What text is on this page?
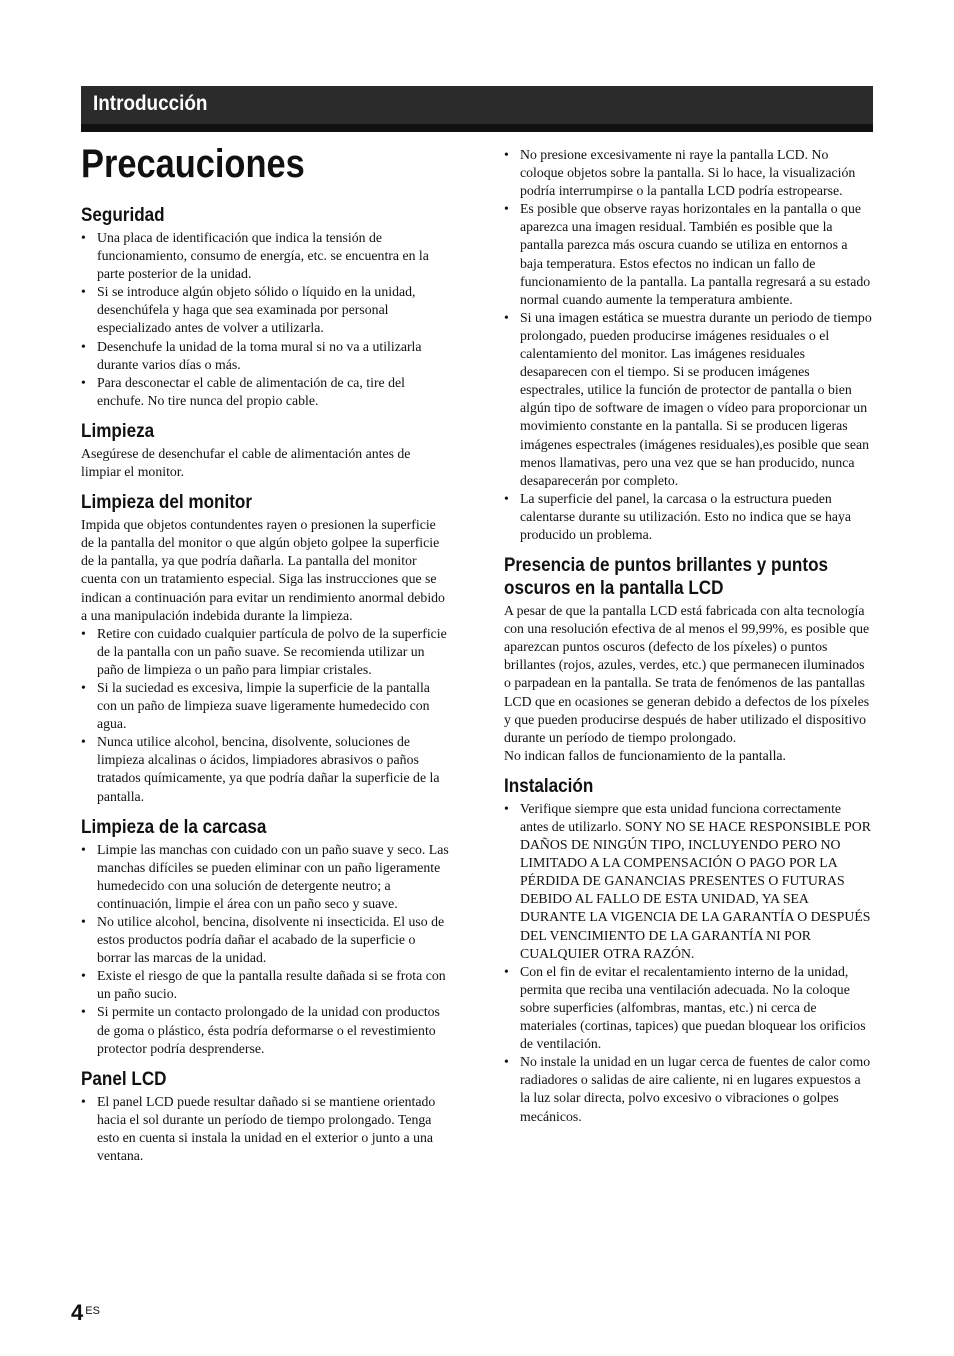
Introducción
Precauciones
Seguridad
• Una placa de identificación que indica la tensión de funcionamiento, consumo de energía, etc. se encuentra en la parte posterior de la unidad.
• Si se introduce algún objeto sólido o líquido en la unidad, desenchúfela y haga que sea examinada por personal especializado antes de volver a utilizarla.
• Desenchufe la unidad de la toma mural si no va a utilizarla durante varios días o más.
• Para desconectar el cable de alimentación de ca, tire del enchufe. No tire nunca del propio cable.
Limpieza

Asegúrese de desenchufar el cable de alimentación antes de limpiar el monitor.

Limpieza del monitor

Impida que objetos contundentes rayen o presionen la superficie de la pantalla del monitor o que algún objeto golpee la superficie de la pantalla, ya que podría dañarla. La pantalla del monitor cuenta con un tratamiento especial. Siga las instrucciones que se indican a continuación para evitar un rendimiento anormal debido a una manipulación indebida durante la limpieza.

• Retire con cuidado cualquier partícula de polvo de la superficie de la pantalla con un paño suave. Se recomienda utilizar un paño de limpieza o un paño para limpiar cristales.
• Si la suciedad es excesiva, limpie la superficie de la pantalla con un paño de limpieza suave ligeramente humedecido con agua.
• Nunca utilice alcohol, bencina, disolvente, soluciones de limpieza alcalinas o ácidos, limpiadores abrasivos o paños tratados químicamente, ya que podría dañar la superficie de la pantalla.
Limpieza de la carcasa
• Limpie las manchas con cuidado con un paño suave y seco. Las manchas difíciles se pueden eliminar con un paño ligeramente humedecido con una solución de detergente neutro; a continuación, limpie el área con un paño seco y suave.
• No utilice alcohol, bencina, disolvente ni insecticida. El uso de estos productos podría dañar el acabado de la superficie o borrar las marcas de la unidad.
• Existe el riesgo de que la pantalla resulte dañada si se frota con un paño sucio.
• Si permite un contacto prolongado de la unidad con productos de goma o plástico, ésta podría deformarse o el revestimiento protector podría desprenderse.
Panel LCD
• El panel LCD puede resultar dañado si se mantiene orientado hacia el sol durante un período de tiempo prolongado. Tenga esto en cuenta si instala la unidad en el exterior o junto a una ventana.
• No presione excesivamente ni raye la pantalla LCD. No coloque objetos sobre la pantalla. Si lo hace, la visualización podría interrumpirse o la pantalla LCD podría estropearse.
• Es posible que observe rayas horizontales en la pantalla o que aparezca una imagen residual. También es posible que la pantalla parezca más oscura cuando se utiliza en entornos a baja temperatura. Estos efectos no indican un fallo de funcionamiento de la pantalla. La pantalla regresará a su estado normal cuando aumente la temperatura ambiente.
• Si una imagen estática se muestra durante un periodo de tiempo prolongado, pueden producirse imágenes residuales o el calentamiento del monitor. Las imágenes residuales desaparecen con el tiempo. Si se producen imágenes espectrales, utilice la función de protector de pantalla o bien algún tipo de software de imagen o vídeo para proporcionar un movimiento constante en la pantalla. Si se producen ligeras imágenes espectrales (imágenes residuales),es posible que sean menos llamativas, pero una vez que se han producido, nunca desaparecerán por completo.
• La superficie del panel, la carcasa o la estructura pueden calentarse durante su utilización. Esto no indica que se haya producido un problema.
Presencia de puntos brillantes y puntos oscuros en la pantalla LCD

A pesar de que la pantalla LCD está fabricada con alta tecnología con una resolución efectiva de al menos el 99,99%, es posible que aparezcan puntos oscuros (defecto de los píxeles) o puntos brillantes (rojos, azules, verdes, etc.) que permanecen iluminados o parpadean en la pantalla. Se trata de fenómenos de las pantallas LCD que en ocasiones se generan debido a defectos de los píxeles y que pueden producirse después de haber utilizado el dispositivo durante un período de tiempo prolongado.

No indican fallos de funcionamiento de la pantalla.

Instalación
• Verifique siempre que esta unidad funciona correctamente antes de utilizarlo. SONY NO SE HACE RESPONSIBLE POR DAÑOS DE NINGÚN TIPO, INCLUYENDO PERO NO LIMITADO A LA COMPENSACIÓN O PAGO POR LA PÉRDIDA DE GANANCIAS PRESENTES O FUTURAS DEBIDO AL FALLO DE ESTA UNIDAD, YA SEA DURANTE LA VIGENCIA DE LA GARANTÍA O DESPUÉS DEL VENCIMIENTO DE LA GARANTÍA NI POR CUALQUIER OTRA RAZÓN.
• Con el fin de evitar el recalentamiento interno de la unidad, permita que reciba una ventilación adecuada. No la coloque sobre superficies (alfombras, mantas, etc.) ni cerca de materiales (cortinas, tapices) que puedan bloquear los orificios de ventilación.
• No instale la unidad en un lugar cerca de fuentes de calor como radiadores o salidas de aire caliente, ni en lugares expuestos a la luz solar directa, polvo excesivo o vibraciones o golpes mecánicos.
4 $^{ES}$
